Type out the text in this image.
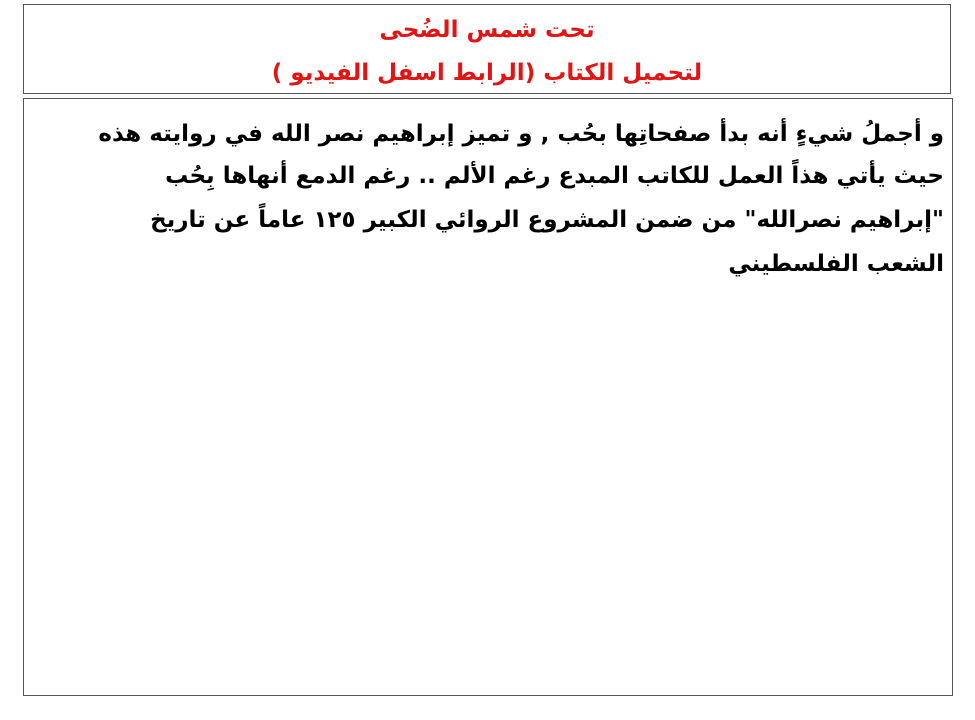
تحت شمس الضُحى
لتحميل الكتاب (الرابط اسفل الفيديو )
و أجملُ شيءٍ أنه بدأ صفحاتِها بحُب , و تميز إبراهيم نصر الله في روايته هذه
حيث يأتي هذاً العمل للكاتب المبدع رغم الألم .. رغم الدمع أنهاها بِحُب
"إبراهيم نصرالله" من ضمن المشروع الروائي الكبير ١٢٥ عاماً عن تاريخ
الشعب الفلسطيني
